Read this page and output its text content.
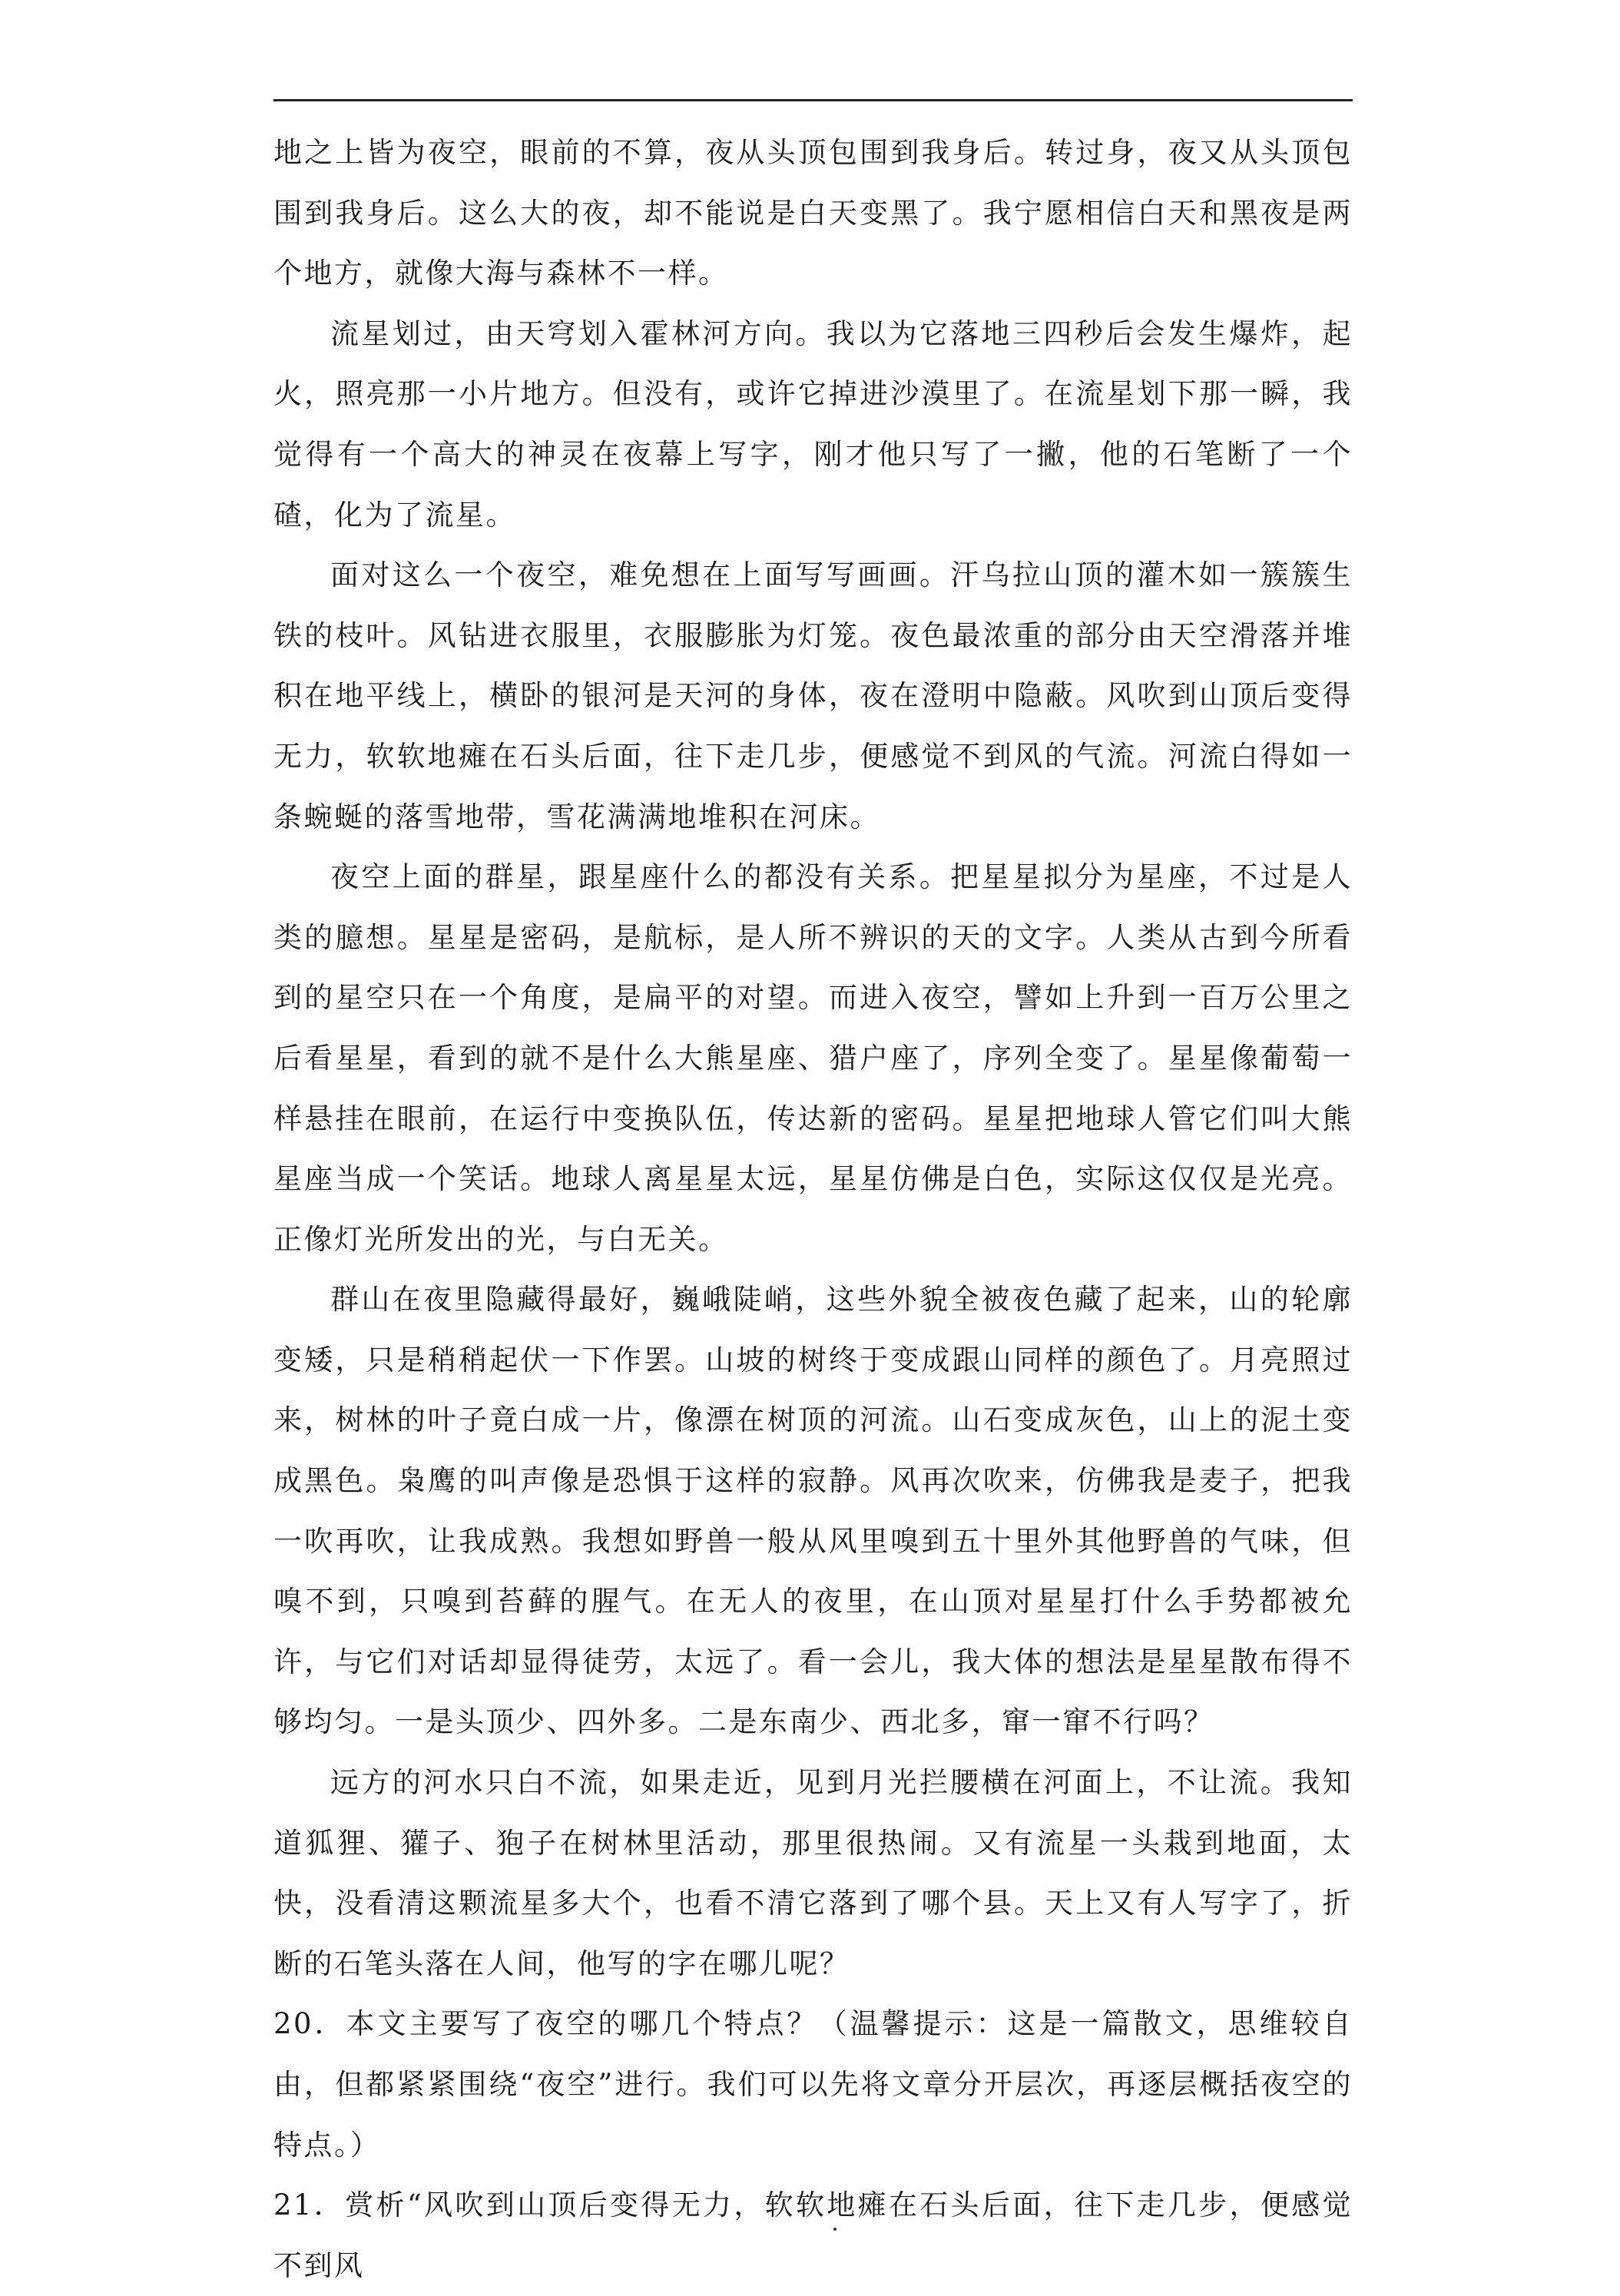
地之上皆为夜空，眼前的不算，夜从头顶包围到我身后。转过身，夜又从头顶包围到我身后。这么大的夜，却不能说是白天变黑了。我宁愿相信白天和黑夜是两个地方，就像大海与森林不一样。

流星划过，由天穹划入霍林河方向。我以为它落地三四秒后会发生爆炸，起火，照亮那一小片地方。但没有，或许它掉进沙漠里了。在流星划下那一瞬，我觉得有一个高大的神灵在夜幕上写字，刚才他只写了一撇，他的石笔断了一个碴，化为了流星。

面对这么一个夜空，难免想在上面写写画画。汗乌拉山顶的灌木如一簇簇生铁的枝叶。风钻进衣服里，衣服膨胀为灯笼。夜色最浓重的部分由天空滑落并堆积在地平线上，横卧的银河是天河的身体，夜在澄明中隐蔽。风吹到山顶后变得无力，软软地瘫在石头后面，往下走几步，便感觉不到风的气流。河流白得如一条蜿蜒的落雪地带，雪花满满地堆积在河床。

夜空上面的群星，跟星座什么的都没有关系。把星星拟分为星座，不过是人类的臆想。星星是密码，是航标，是人所不辨识的天的文字。人类从古到今所看到的星空只在一个角度，是扁平的对望。而进入夜空，譬如上升到一百万公里之后看星星，看到的就不是什么大熊星座、猎户座了，序列全变了。星星像葡萄一样悬挂在眼前，在运行中变换队伍，传达新的密码。星星把地球人管它们叫大熊星座当成一个笑话。地球人离星星太远，星星仿佛是白色，实际这仅仅是光亮。正像灯光所发出的光，与白无关。

群山在夜里隐藏得最好，巍峨陡峭，这些外貌全被夜色藏了起来，山的轮廓变矮，只是稍稍起伏一下作罢。山坡的树终于变成跟山同样的颜色了。月亮照过来，树林的叶子竟白成一片，像漂在树顶的河流。山石变成灰色，山上的泥土变成黑色。枭鹰的叫声像是恐惧于这样的寂静。风再次吹来，仿佛我是麦子，把我一吹再吹，让我成熟。我想如野兽一般从风里嗅到五十里外其他野兽的气味，但嗅不到，只嗅到苔藓的腥气。在无人的夜里，在山顶对星星打什么手势都被允许，与它们对话却显得徒劳，太远了。看一会儿，我大体的想法是星星散布得不够均匀。一是头顶少、四外多。二是东南少、西北多，窜一窜不行吗？

远方的河水只白不流，如果走近，见到月光拦腰横在河面上，不让流。我知道狐狸、獾子、狍子在树林里活动，那里很热闹。又有流星一头栽到地面，太快，没看清这颗流星多大个，也看不清它落到了哪个县。天上又有人写字了，折断的石笔头落在人间，他写的字在哪儿呢？

20．本文主要写了夜空的哪几个特点？（温馨提示：这是一篇散文，思维较自由，但都紧紧围绕“夜空”进行。我们可以先将文章分开层次，再逐层概括夜空的特点。）

21．赏析“风吹到山顶后变得无力，软软地瘫在石头后面，往下走几步，便感觉不到风
